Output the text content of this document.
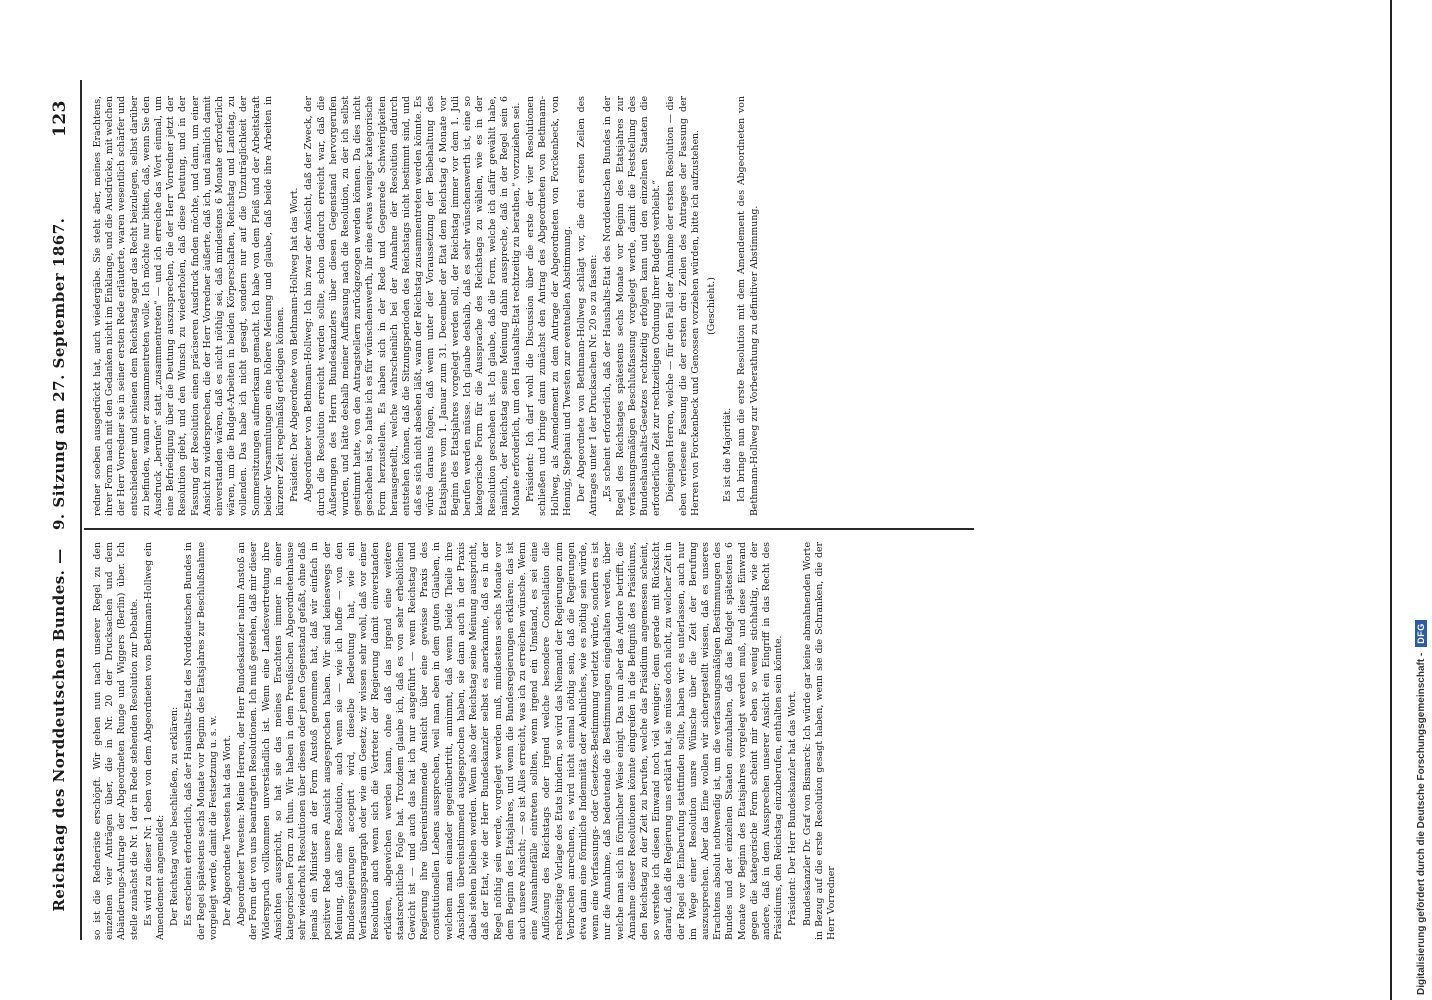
Reichstag des Norddeutschen Bundes. —
9. Sitzung am 27. September 1867.
123

so ist die Redneriste erschöpft. Wir gehen nun nach unserer Regel zu den einzelnen vier Anträgen über, die in Nr. 20 der Drucksachen und dem Abänderungs-Antrage der Abgeordneten Runge und Wiggers (Berlin) über. Ich stelle zunächst die Nr. 1 der in Rede stehenden Resolution zur Debatte. Es wird zu dieser Nr. 1 eben von dem Abgeordneten von Bethmann-Hollweg ein Amendement angemeldet: Der Reichstag wolle beschließen, zu erklären: Es erscheint erforderlich, daß der Haushalts-Etat des Norddeutschen Bundes in der Regel spätestens sechs Monate vor Beginn des Etatsjahres zur Beschlußnahme vorgelegt werde, damit die Festsetzung u. s. w. Der Abgeordnete Twesten hat das Wort. Abgeordneter Twesten: Meine Herren, der Herr Bundeskanzler nahm Anstoß an der Form der von uns beantragten Resolutionen. Ich muß gestehen, daß mir dieser Widerspruch vollkommen unverständlich ist. Wenn eine Landesvertretung ihre Ansichten ausspricht, so hat sie das meines Erachtens immer in einer kategorischen Form zu thun. Wir haben in dem Preußischen Abgeordnetenhause sehr wiederholt Resolutionen über diesen oder jenen Gegenstand gefaßt, ohne daß jemals ein Minister an der Form Anstoß genommen hat, daß wir einfach in positiver Rede unsere Ansicht ausgesprochen haben. Wir sind keineswegs der Meinung, daß eine Resolution, auch wenn sie — wie ich hoffe — von den Bundesregierungen acceptirt wird, dieselbe Bedeutung hat, wie ein Verfassungsparagraph oder wie ein Gesetz; wir wissen sehr wohl, daß vor einer Resolution auch wenn sich die Vertreter der Regierung damit einverstanden erklären, abgewichen werden kann, ohne daß das irgend eine weitere staatsrechtliche Folge hat. Trotzdem glaube ich, daß es von sehr erheblichem Gewicht ist — und auch das hat ich nur ausgeführt — wenn Reichstag und Regierung ihre übereinstimmende Ansicht über eine gewisse Praxis des constitutionellen Lebens aussprechen, weil man eben in dem guten Glauben, in welchem man einander gegenübertritt, annimmt, daß wenn beide Theile ihre Ansichten übereinstimmend ausgesprochen haben, sie dann auch in der Praxis dabei stehen bleiben werden. Wenn also der Reichstag seine Meinung ausspricht, daß der Etat, wie der Herr Bundeskanzler selbst es anerkannte, daß es in der Regel nöthig sein werde, vorgelegt werden muß, mindestens sechs Monate vor dem Beginn des Etatsjahres, und wenn die Bundesregierungen erklären: das ist auch unsere Ansicht; — so ist Alles erreicht, was ich zu erreichen wünsche. Wenn eine Ausnahmefälle eintreten sollten, wenn irgend ein Umstand, es sei eine Auflösung des Reichstags oder irgend welche besondere Constellation die rechtzeitige Vorlage des Etats hindern, so wird das Niemand der Regierungen zum Verbrechen anrechnen, es wird nicht einmal nöthig sein, daß die Regierungen etwa dann eine förmliche Indemnität oder Aehnliches, wie es nöthig sein würde, wenn eine Verfassungs- oder Gesetzes-Bestimmung verletzt würde, sondern es ist nur die Annahme, daß bedeutende die Bestimmungen eingehalten werden, über welche man sich in förmlicher Weise einigt. Das nun aber das Andere betrifft, die Annahme dieser Resolutionen könnte eingreifen in die Befugniß des Präsidiums, den Reichstag zu der Zeit zu berufen, welche das Präsidium angemessen scheint, so verstehe ich diesen Einwand noch viel weniger; denn gerade mit Rücksicht darauf, daß die Regierung uns erklärt hat, sie müsse doch nicht, zu welcher Zeit in der Regel die Einberufung stattfinden sollte, haben wir es unterlassen, auch nur im Wege einer Resolution unsre Wünsche über die Zeit der Berufung auszusprechen. Aber das Eine wollen wir sichergestellt wissen, daß es unseres Erachtens absolut nothwendig ist, um die verfassungsmäßigen Bestimmungen des Bundes und der einzelnen Staaten einzuhalten, daß das Budget spätestens 6 Monate vor Beginn des Etatsjahres vorgelegt werden muß, und diese Einwand gegen die kategorische Form scheint mir eben so wenig stichhaltig, wie der andere, daß in dem Aussprechen unserer Ansicht ein Eingriff in das Recht des Präsidiums, den Reichstag einzuberufen, enthalten sein könnte. Präsident: Der Herr Bundeskanzler hat das Wort. Bundeskanzler Dr. Graf von Bismarck: Ich würde gar keine abmahnenden Worte in Bezug auf die erste Resolution gesagt haben, wenn sie die Schranken, die der Herr Vorredner

redner soeben ausgedrückt hat, auch wiedergäbe. Sie steht aber, meines Erachtens, ihrer Form nach mit den Gedanken nicht im Einklange, und die Ausdrücke, mit welchen der Herr Vorredner sie in seiner ersten Rede erläuterte, waren wesentlich schärfer und entschiedener und schienen dem Reichstag sogar das Recht beizulegen, selbst darüber zu befinden, wann er zusammentreten wolle. Ich möchte nur bitten, daß, wenn Sie den Ausdruck „berufen“ statt „zusammentreten“ — und ich erreiche das Wort einmal, um eine Befriedigung über die Deutung auszusprechen, die der Herr Vorredner jetzt der Resolution giebt, und den Wunsch zu wiederholen, daß diese Deutung, und in der Fassung der Resolution einen präciseren Ausdruck finden möchte, und dann, um einer Ansicht zu widersprechen, die der Herr Vorredner äußerte, daß ich, und nämlich damit einverstanden wären, daß es nicht nöthig sei, daß mindestens 6 Monate erforderlich wären, um die Budget-Arbeiten in beiden Körperschaften, Reichstag und Landtag, zu vollenden. Das habe ich nicht gesagt, sondern nur auf die Unzuträglichkeit der Sommersitzungen aufmerksam gemacht. Ich habe von dem Fleiß und der Arbeitskraft beider Versammlungen eine höhere Meinung und glaube, daß beide ihre Arbeiten in kürzerer Zeit regelmäßig erledigen können. Präsident: Der Abgeordnete von Bethmann-Hollweg hat das Wort. Abgeordneter von Bethmann-Hollweg: Ich bin zwar der Ansicht, daß der Zweck, der durch die Resolution erreicht werden sollte, schon dadurch erreicht war, daß die Äußerungen des Herrn Bundeskanzlers über diesen Gegenstand hervorgerufen wurden, und hätte deshalb meiner Auffassung nach die Resolution, zu der ich selbst gestimmt hatte, von den Antragstellern zurückgezogen werden können. Da dies nicht geschehen ist, so hatte ich es für wünschenswerth, ihr eine etwas weniger kategorische Form herzustellen. Es haben sich in der Rede und Gegenrede Schwierigkeiten herausgestellt, welche wahrscheinlich bei der Annahme der Resolution dadurch entstehen können, daß die Sitzungsperioden des Reichstags nicht bestimmt sind, und daß es sich nicht absehen läßt, wann der Reichstag zusammentreten werden könnte. Es würde daraus folgen, daß wenn unter der Voraussetzung der Beibehaltung des Etatsjahres vom 1. Januar zum 31. December der Etat dem Reichstag 6 Monate vor Beginn des Etatsjahres vorgelegt werden soll, der Reichstag immer vor dem 1. Juli berufen werden müsse. Ich glaube deshalb, daß es sehr wünschenswerth ist, eine so kategorische Form für die Aussprache des Reichstags zu wählen, wie es in der Resolution geschehen ist. Ich glaube, daß die Form, welche ich dafür gewählt habe, nämlich, der Reichstag seine Meinung dahin ausspreche, daß in der Regel sein 6 Monate erforderlich, um den Haushalts-Etat rechtzeitig zu berathen,“ vorzuziehen sei. Präsident: Ich darf wohl die Discussion über die erste der vier Resolutionen schließen und bringe dann zunächst den Antrag des Abgeordneten von Bethmann-Hollweg, als Amendement zu dem Antrage der Abgeordneten von Forckenbeck, von Hennig, Stephani und Twesten zur eventuellen Abstimmung. Der Abgeordnete von Bethmann-Hollweg schlägt vor, die drei ersten Zeilen des Antrages unter 1 der Drucksachen Nr. 20 so zu fassen: „Es scheint erforderlich, daß der Haushalts-Etat des Norddeutschen Bundes in der Regel des Reichstages spätestens sechs Monate vor Beginn des Etatsjahres zur verfassungsmäßigen Beschlußfassung vorgelegt werde, damit die Feststellung des Bundeshaushalts-Gesetzes rechtzeitig erfolgen kann und den einzelnen Staaten die erforderliche Zeit zur rechtzeitigen Ordnung ihrer Budgets verbleibt.“ Diejenigen Herren, welche — für den Fall der Annahme der ersten Resolution — die eben verlesene Fassung die der ersten drei Zeilen des Antrages der Fassung der Herren von Forckenbeck und Genossen vorziehen würden, bitte ich aufzustehen. (Geschieht.)

Es ist die Majorität. Ich bringe nun die erste Resolution mit dem Amendement des Abgeordneten von Bethmann-Hollweg zur Vorberathung zu definitiver Abstimmung.

Digitalisierung gefördert durch die Deutsche Forschungsgemeinschaft -
DFG
